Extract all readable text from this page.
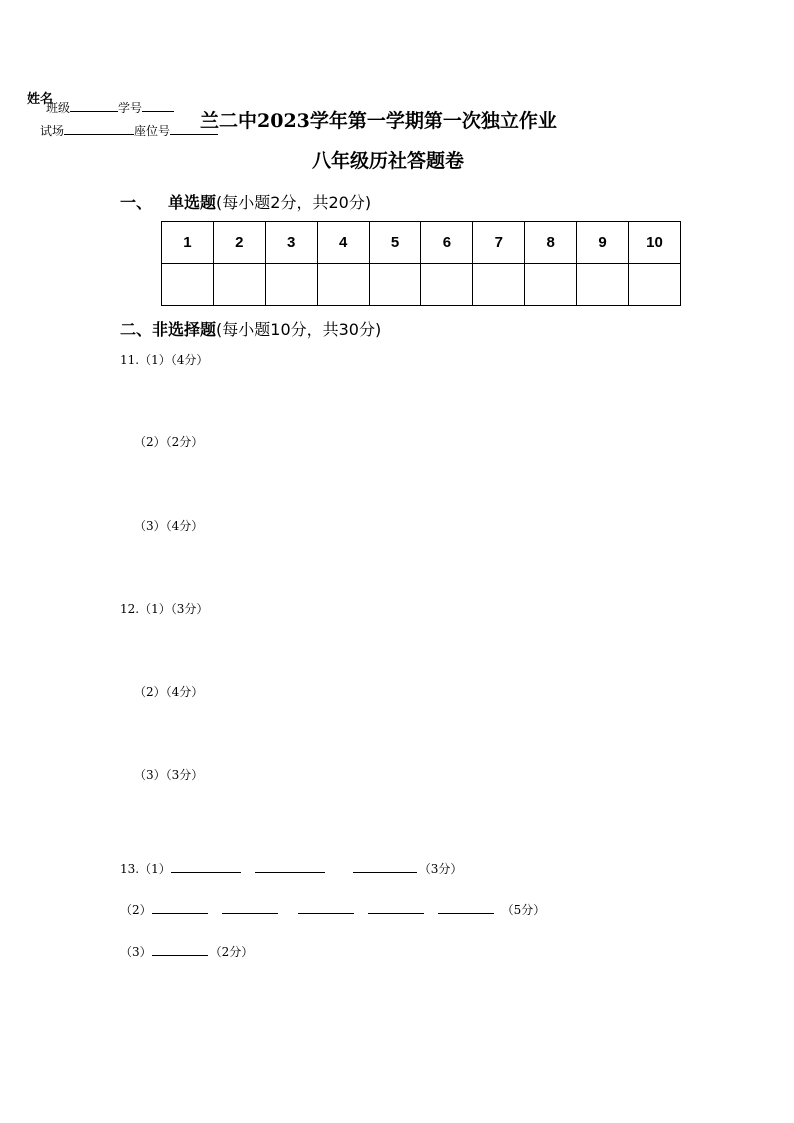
姓名
班级	学号
试场	座位号	兰二中2023学年第一学期第一次独立作业
八年级历社答题卷
一、 单选题(每小题2分，共20分)
1	2	3	4	5	6	7	8	9	10

二、非选择题(每小题10分，共30分)
11.（1）（4分）
（2）（2分）
（3）（4分）
12.（1）（3分）
（2）（4分）
（3）（3分）
13.（1）	（3分）
（2）	（5分）
（3）	（2分）
